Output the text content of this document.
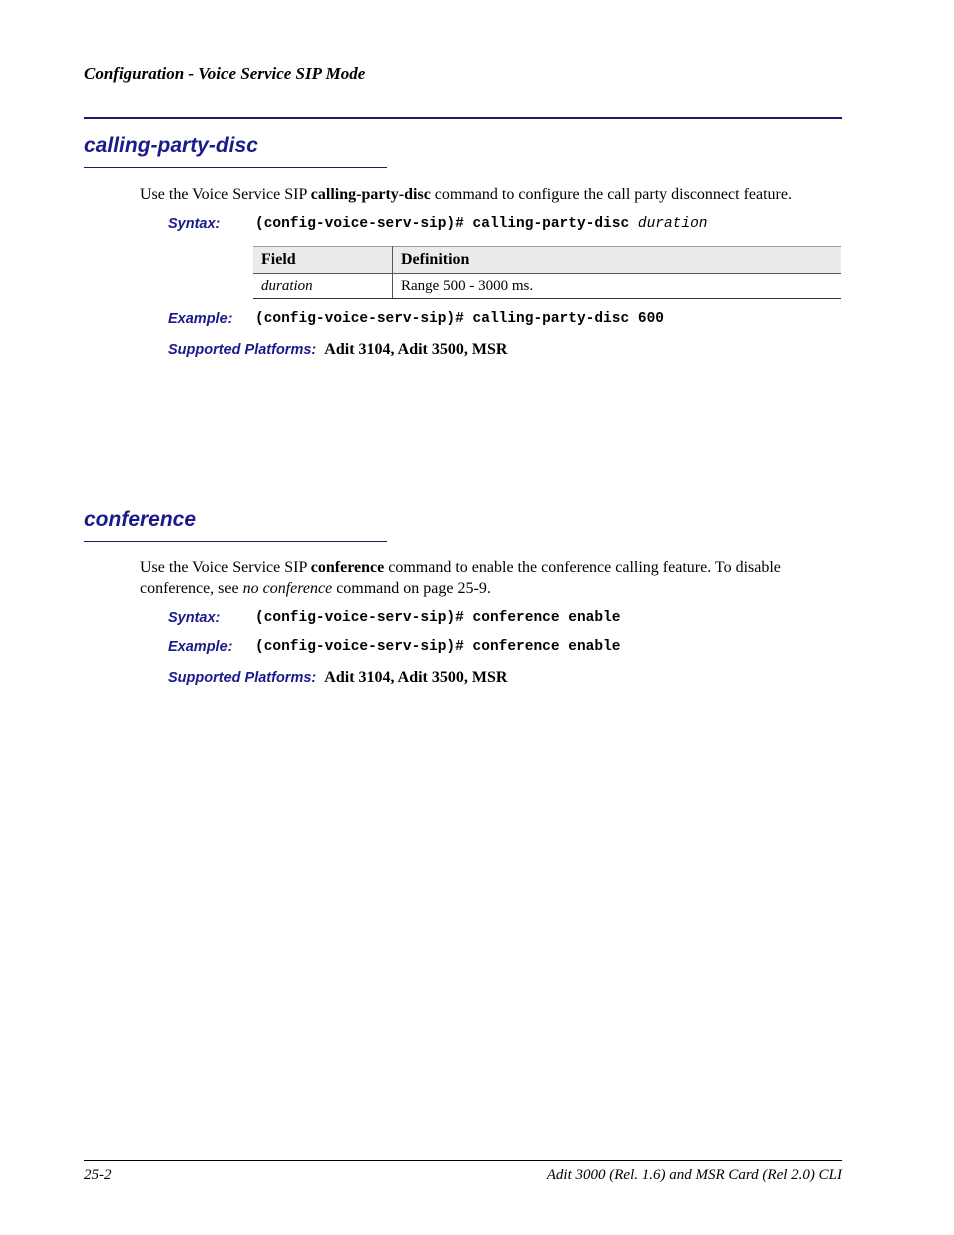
Configuration - Voice Service SIP Mode
calling-party-disc
Use the Voice Service SIP calling-party-disc command to configure the call party disconnect feature.
Syntax: (config-voice-serv-sip)# calling-party-disc duration
Field	Definition
duration	Range 500 - 3000 ms.
Example: (config-voice-serv-sip)# calling-party-disc 600
Supported Platforms: Adit 3104, Adit 3500, MSR
conference
Use the Voice Service SIP conference command to enable the conference calling feature. To disable conference, see no conference command on page 25-9.
Syntax: (config-voice-serv-sip)# conference enable
Example: (config-voice-serv-sip)# conference enable
Supported Platforms: Adit 3104, Adit 3500, MSR
25-2	Adit 3000 (Rel. 1.6) and MSR Card (Rel 2.0) CLI
